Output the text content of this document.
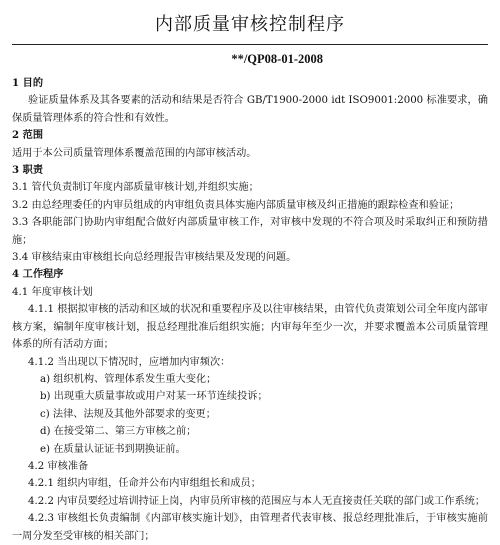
内部质量审核控制程序
**/QP08-01-2008

1 目的

验证质量体系及其各要素的活动和结果是否符合 GB/T1900-2000 idt ISO9001:2000 标准要求，确保质量管理体系的符合性和有效性。

2 范围

适用于本公司质量管理体系覆盖范围的内部审核活动。

3 职责

3.1 管代负责制订年度内部质量审核计划,并组织实施；

3.2 由总经理委任的内审员组成的内审组负责具体实施内部质量审核及纠正措施的跟踪检查和验证；

3.3 各职能部门协助内审组配合做好内部质量审核工作，对审核中发现的不符合项及时采取纠正和预防措施；

3.4 审核结束由审核组长向总经理报告审核结果及发现的问题。

4 工作程序

4.1 年度审核计划

4.1.1 根据拟审核的活动和区域的状况和重要程序及以往审核结果，由管代负责策划公司全年度内部审核方案，编制年度审核计划，报总经理批准后组织实施；内审每年至少一次，并要求覆盖本公司质量管理体系的所有活动方面；

4.1.2 当出现以下情况时，应增加内审频次：

a) 组织机构、管理体系发生重大变化；

b) 出现重大质量事故或用户对某一环节连续投诉；

c) 法律、法规及其他外部要求的变更；

d) 在接受第二、第三方审核之前；

e) 在质量认证证书到期换证前。

4.2 审核准备

4.2.1 组织内审组，任命并公布内审组组长和成员；

4.2.2 内审员要经过培训持证上岗，内审员所审核的范围应与本人无直接责任关联的部门或工作系统；

4.2.3 审核组长负责编制《内部审核实施计划》，由管理者代表审核、报总经理批准后，于审核实施前一周分发至受审核的相关部门；
